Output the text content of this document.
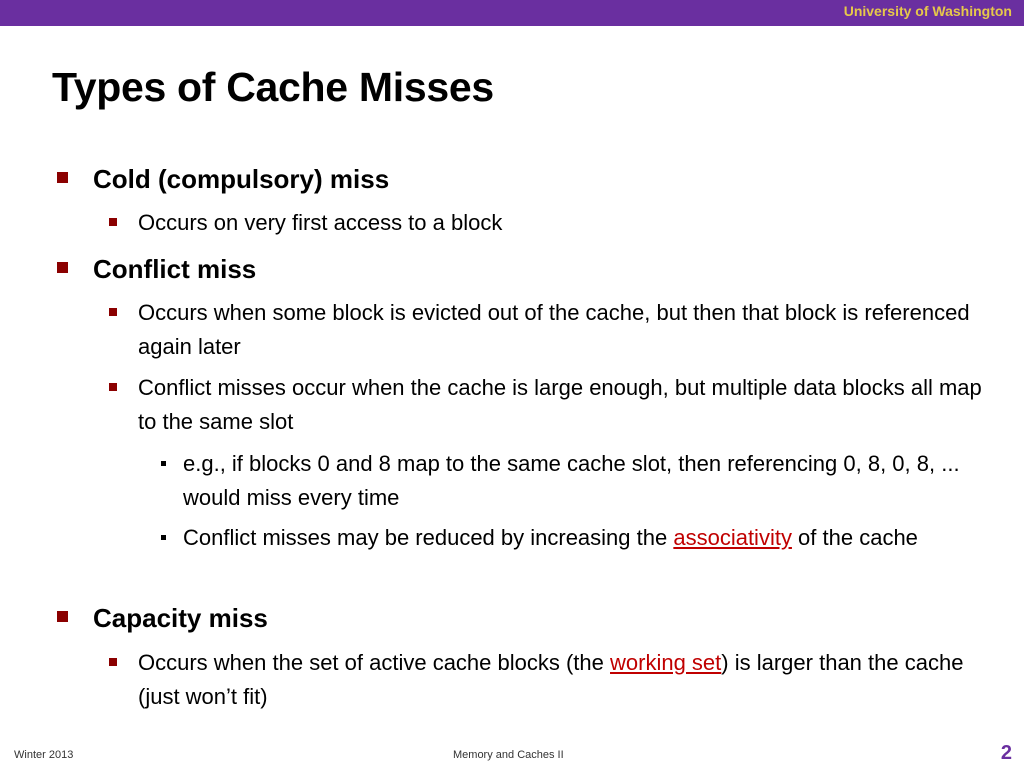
University of Washington
Types of Cache Misses
Cold (compulsory) miss
Occurs on very first access to a block
Conflict miss
Occurs when some block is evicted out of the cache, but then that block is referenced again later
Conflict misses occur when the cache is large enough, but multiple data blocks all map to the same slot
e.g., if blocks 0 and 8 map to the same cache slot, then referencing 0, 8, 0, 8, ... would miss every time
Conflict misses may be reduced by increasing the associativity of the cache
Capacity miss
Occurs when the set of active cache blocks (the working set) is larger than the cache (just won’t fit)
Winter 2013	Memory and Caches II	2
